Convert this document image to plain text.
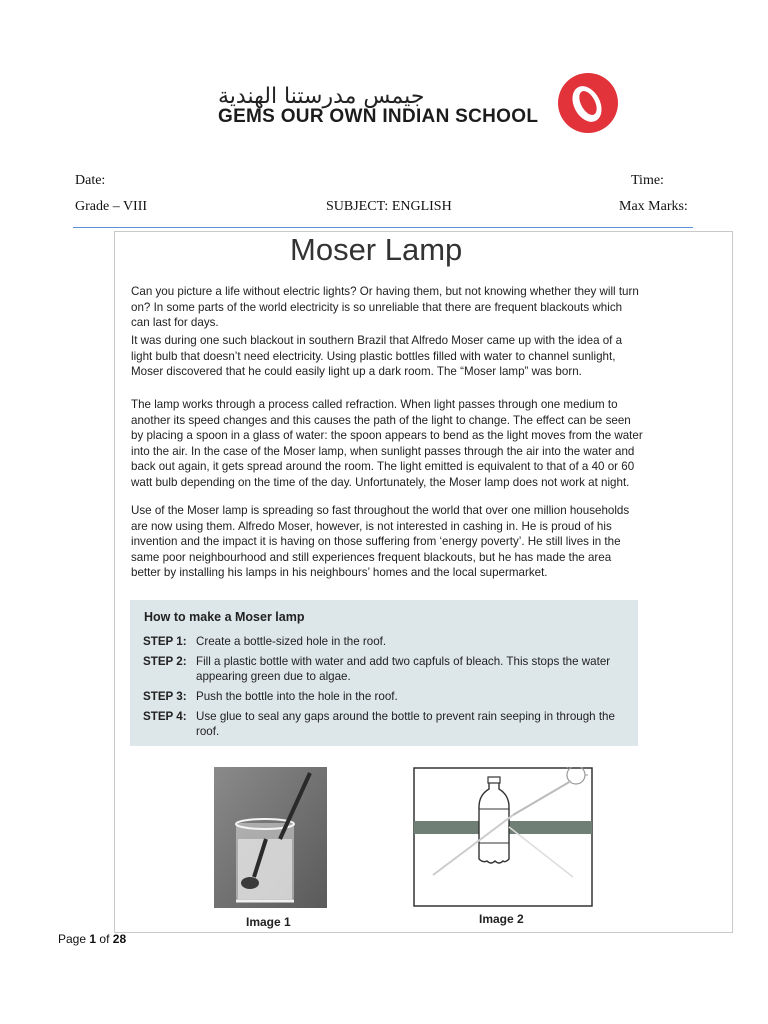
جيمس مدرستنا الهندية
GEMS OUR OWN INDIAN SCHOOL
Date:	Time:
Grade – VIII	SUBJECT: ENGLISH	Max Marks:
Moser Lamp
Can you picture a life without electric lights? Or having them, but not knowing whether they will turn on? In some parts of the world electricity is so unreliable that there are frequent blackouts which can last for days.
It was during one such blackout in southern Brazil that Alfredo Moser came up with the idea of a light bulb that doesn’t need electricity. Using plastic bottles filled with water to channel sunlight, Moser discovered that he could easily light up a dark room. The “Moser lamp” was born.
The lamp works through a process called refraction. When light passes through one medium to another its speed changes and this causes the path of the light to change. The effect can be seen by placing a spoon in a glass of water: the spoon appears to bend as the light moves from the water into the air. In the case of the Moser lamp, when sunlight passes through the air into the water and back out again, it gets spread around the room. The light emitted is equivalent to that of a 40 or 60 watt bulb depending on the time of the day. Unfortunately, the Moser lamp does not work at night.
Use of the Moser lamp is spreading so fast throughout the world that over one million households are now using them. Alfredo Moser, however, is not interested in cashing in. He is proud of his invention and the impact it is having on those suffering from ‘energy poverty’. He still lives in the same poor neighbourhood and still experiences frequent blackouts, but he has made the area better by installing his lamps in his neighbours’ homes and the local supermarket.
How to make a Moser lamp
STEP 1: Create a bottle-sized hole in the roof.
STEP 2: Fill a plastic bottle with water and add two capfuls of bleach. This stops the water appearing green due to algae.
STEP 3: Push the bottle into the hole in the roof.
STEP 4: Use glue to seal any gaps around the bottle to prevent rain seeping in through the roof.
Image 1	Image 2
Page 1 of 28
